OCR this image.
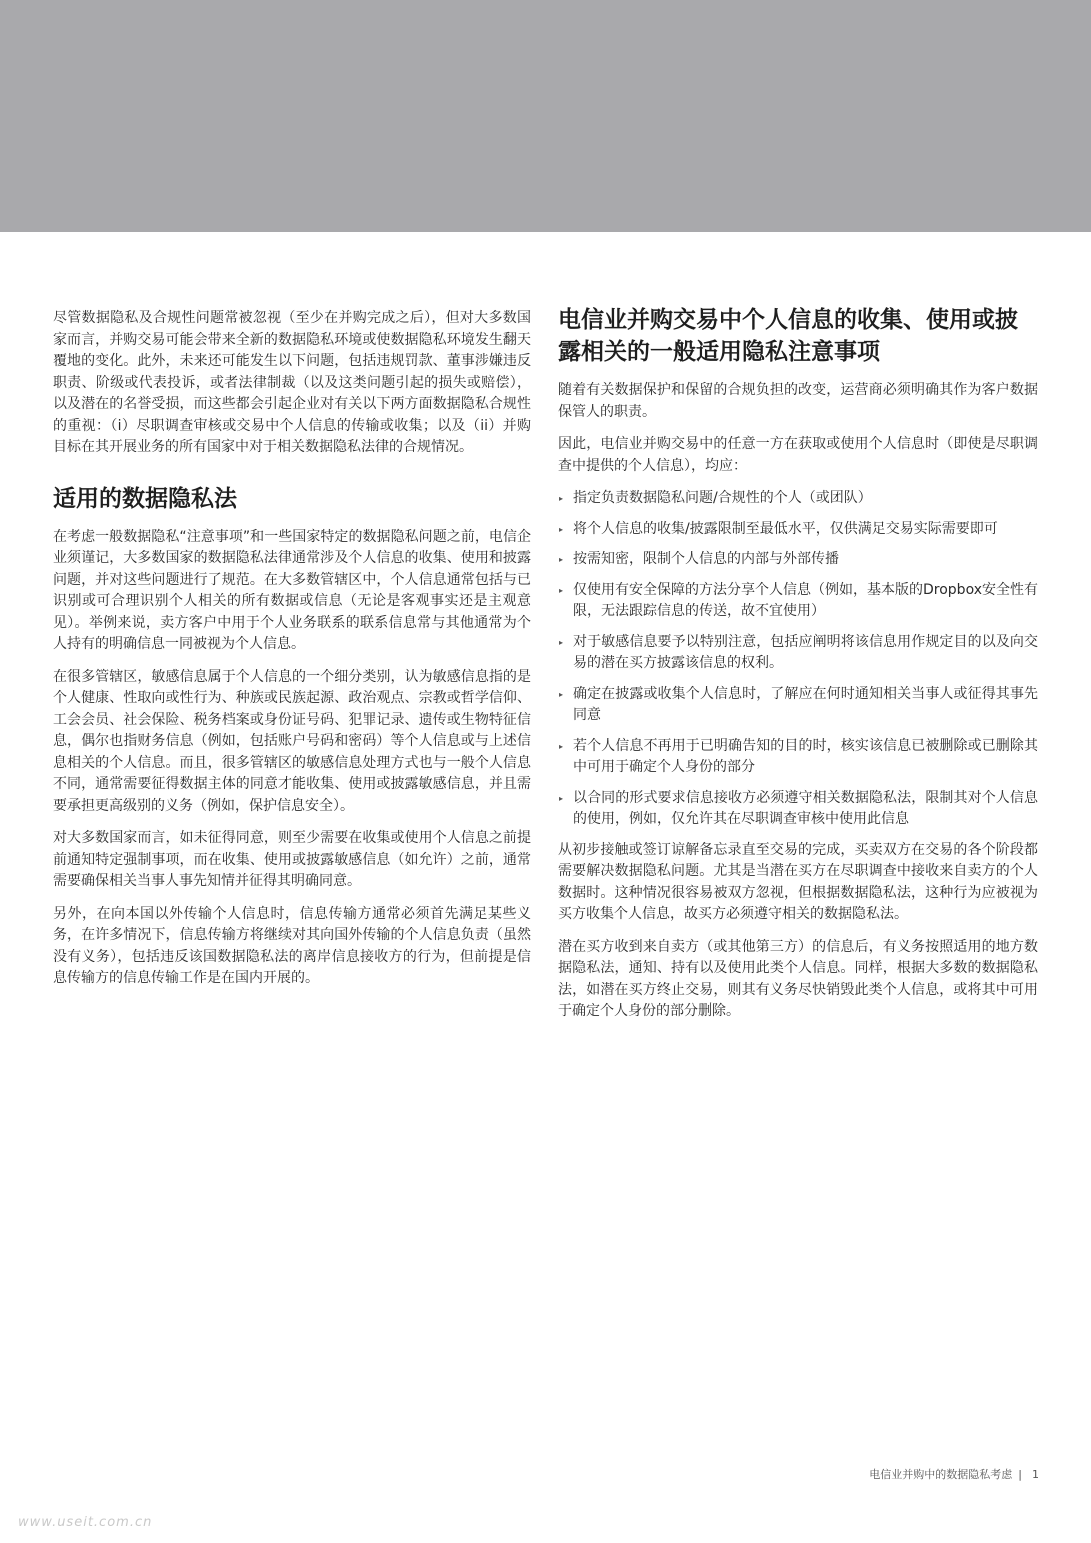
尽管数据隐私及合规性问题常被忽视（至少在并购完成之后），但对大多数国家而言，并购交易可能会带来全新的数据隐私环境或使数据隐私环境发生翻天覆地的变化。此外，未来还可能发生以下问题，包括违规罚款、董事涉嫌违反职责、阶级或代表投诉，或者法律制裁（以及这类问题引起的损失或赔偿），以及潜在的名誉受损，而这些都会引起企业对有关以下两方面数据隐私合规性的重视：（i）尽职调查审核或交易中个人信息的传输或收集；以及（ii）并购目标在其开展业务的所有国家中对于相关数据隐私法律的合规情况。

适用的数据隐私法

在考虑一般数据隐私“注意事项”和一些国家特定的数据隐私问题之前，电信企业须谨记，大多数国家的数据隐私法律通常涉及个人信息的收集、使用和披露问题，并对这些问题进行了规范。在大多数管辖区中，个人信息通常包括与已识别或可合理识别个人相关的所有数据或信息（无论是客观事实还是主观意见）。举例来说，卖方客户中用于个人业务联系的联系信息常与其他通常为个人持有的明确信息一同被视为个人信息。

在很多管辖区，敏感信息属于个人信息的一个细分类别，认为敏感信息指的是个人健康、性取向或性行为、种族或民族起源、政治观点、宗教或哲学信仰、工会会员、社会保险、税务档案或身份证号码、犯罪记录、遗传或生物特征信息，偶尔也指财务信息（例如，包括账户号码和密码）等个人信息或与上述信息相关的个人信息。而且，很多管辖区的敏感信息处理方式也与一般个人信息不同，通常需要征得数据主体的同意才能收集、使用或披露敏感信息，并且需要承担更高级别的义务（例如，保护信息安全）。

对大多数国家而言，如未征得同意，则至少需要在收集或使用个人信息之前提前通知特定强制事项，而在收集、使用或披露敏感信息（如允许）之前，通常需要确保相关当事人事先知情并征得其明确同意。

另外，在向本国以外传输个人信息时，信息传输方通常必须首先满足某些义务，在许多情况下，信息传输方将继续对其向国外传输的个人信息负责（虽然没有义务），包括违反该国数据隐私法的离岸信息接收方的行为，但前提是信息传输方的信息传输工作是在国内开展的。

电信业并购交易中个人信息的收集、使用或披露相关的一般适用隐私注意事项

随着有关数据保护和保留的合规负担的改变，运营商必须明确其作为客户数据保管人的职责。

因此，电信业并购交易中的任意一方在获取或使用个人信息时（即使是尽职调查中提供的个人信息），均应：

▸ 指定负责数据隐私问题/合规性的个人（或团队）
▸ 将个人信息的收集/披露限制至最低水平，仅供满足交易实际需要即可
▸ 按需知密，限制个人信息的内部与外部传播
▸ 仅使用有安全保障的方法分享个人信息（例如，基本版的Dropbox安全性有限，无法跟踪信息的传送，故不宜使用）
▸ 对于敏感信息要予以特别注意，包括应阐明将该信息用作规定目的以及向交易的潜在买方披露该信息的权利。
▸ 确定在披露或收集个人信息时，了解应在何时通知相关当事人或征得其事先同意
▸ 若个人信息不再用于已明确告知的目的时，核实该信息已被删除或已删除其中可用于确定个人身份的部分
▸ 以合同的形式要求信息接收方必须遵守相关数据隐私法，限制其对个人信息的使用，例如，仅允许其在尽职调查审核中使用此信息

从初步接触或签订谅解备忘录直至交易的完成，买卖双方在交易的各个阶段都需要解决数据隐私问题。尤其是当潜在买方在尽职调查中接收来自卖方的个人数据时。这种情况很容易被双方忽视，但根据数据隐私法，这种行为应被视为买方收集个人信息，故买方必须遵守相关的数据隐私法。

潜在买方收到来自卖方（或其他第三方）的信息后，有义务按照适用的地方数据隐私法，通知、持有以及使用此类个人信息。同样，根据大多数的数据隐私法，如潜在买方终止交易，则其有义务尽快销毁此类个人信息，或将其中可用于确定个人身份的部分删除。

电信业并购中的数据隐私考虑 | 1
www.useit.com.cn
